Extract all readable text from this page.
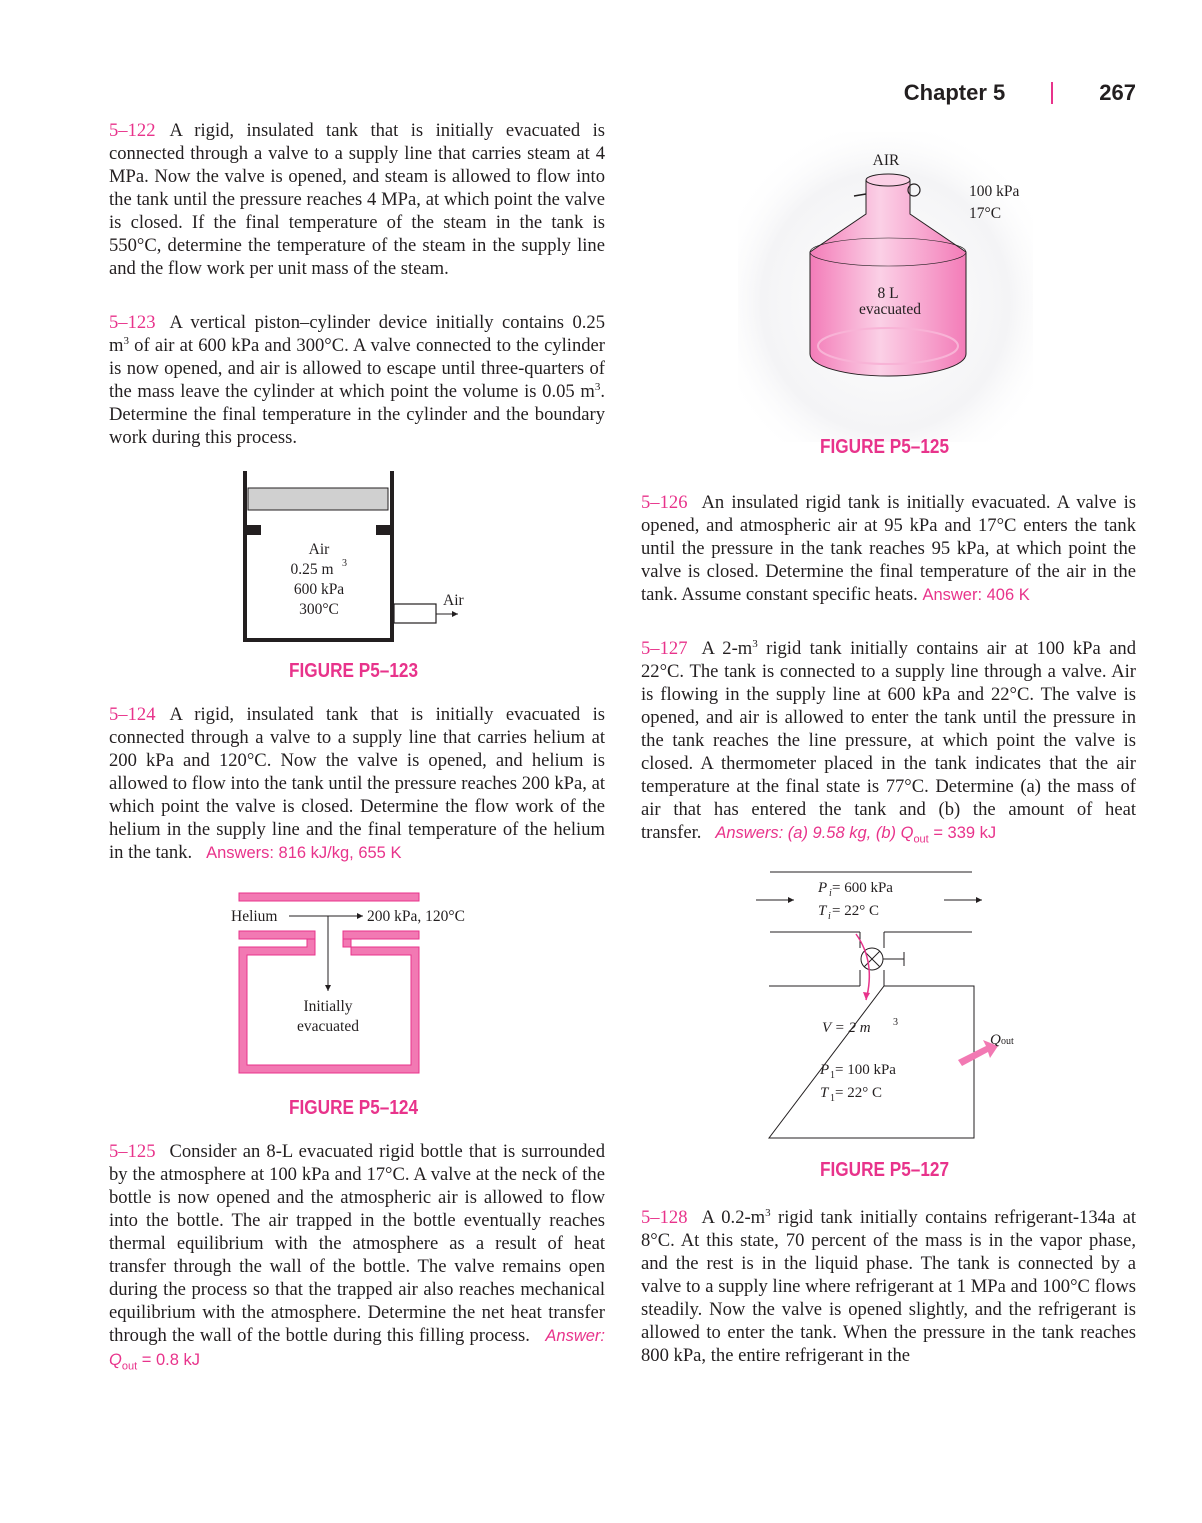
Chapter 5	267

5–122 A rigid, insulated tank that is initially evacuated is connected through a valve to a supply line that carries steam at 4 MPa. Now the valve is opened, and steam is allowed to flow into the tank until the pressure reaches 4 MPa, at which point the valve is closed. If the final temperature of the steam in the tank is 550°C, determine the temperature of the steam in the supply line and the flow work per unit mass of the steam.

5–123 A vertical piston–cylinder device initially contains 0.25 $m^3$ of air at 600 kPa and 300°C. A valve connected to the cylinder is now opened, and air is allowed to escape until three-quarters of the mass leave the cylinder at which point the volume is 0.05 $m^3$. Determine the final temperature in the cylinder and the boundary work during this process.

Air
0.25 m 3
600 kPa
300°C
Air
FIGURE P5–123

5–124 A rigid, insulated tank that is initially evacuated is connected through a valve to a supply line that carries helium at 200 kPa and 120°C. Now the valve is opened, and helium is allowed to flow into the tank until the pressure reaches 200 kPa, at which point the valve is closed. Determine the flow work of the helium in the supply line and the final temperature of the helium in the tank. Answers: 816 kJ/kg, 655 K

Helium	200 kPa, 120°C
Initially
evacuated
FIGURE P5–124

5–125 Consider an 8-L evacuated rigid bottle that is surrounded by the atmosphere at 100 kPa and 17°C. A valve at the neck of the bottle is now opened and the atmospheric air is allowed to flow into the bottle. The air trapped in the bottle eventually reaches thermal equilibrium with the atmosphere as a result of heat transfer through the wall of the bottle. The valve remains open during the process so that the trapped air also reaches mechanical equilibrium with the atmosphere. Determine the net heat transfer through the wall of the bottle during this filling process. Answer: $Q_{out} = 0.8$ kJ

AIR
100 kPa
17°C
8 L
evacuated
FIGURE P5–125

5–126 An insulated rigid tank is initially evacuated. A valve is opened, and atmospheric air at 95 kPa and 17°C enters the tank until the pressure in the tank reaches 95 kPa, at which point the valve is closed. Determine the final temperature of the air in the tank. Assume constant specific heats. Answer: 406 K

5–127 A $2-m^3$ rigid tank initially contains air at 100 kPa and 22°C. The tank is connected to a supply line through a valve. Air is flowing in the supply line at 600 kPa and 22°C. The valve is opened, and air is allowed to enter the tank until the pressure in the tank reaches the line pressure, at which point the valve is closed. A thermometer placed in the tank indicates that the air temperature at the final state is 77°C. Determine (a) the mass of air that has entered the tank and (b) the amount of heat transfer. Answers: (a) 9.58 kg, (b) $Q_{out} = 339$ kJ

P i = 600 kPa
T i = 22° C
V = 2 m 3
P 1 = 100 kPa
T 1 = 22° C
Q out
FIGURE P5–127

5–128 A $0.2-m^3$ rigid tank initially contains refrigerant-134a at 8°C. At this state, 70 percent of the mass is in the vapor phase, and the rest is in the liquid phase. The tank is connected by a valve to a supply line where refrigerant at 1 MPa and 100°C flows steadily. Now the valve is opened slightly, and the refrigerant is allowed to enter the tank. When the pressure in the tank reaches 800 kPa, the entire refrigerant in the
